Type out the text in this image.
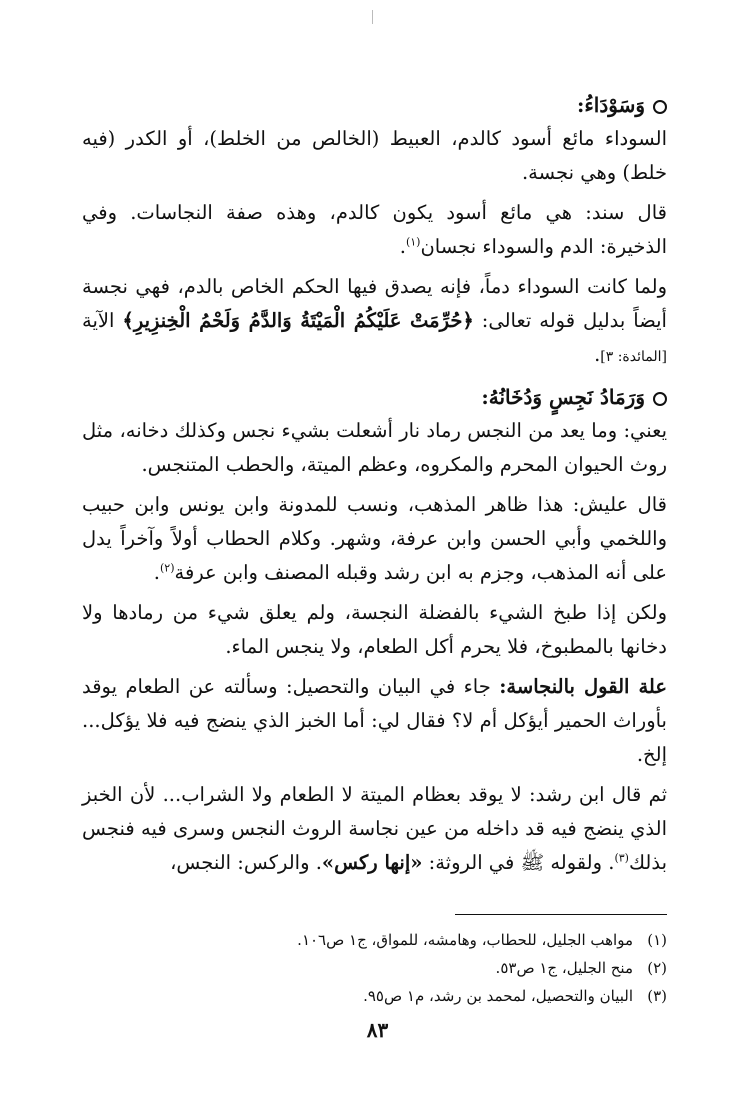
وَسَوْدَاءُ:

السوداء مائع أسود كالدم، العبيط (الخالص من الخلط)، أو الكدر (فيه خلط) وهي نجسة.

قال سند: هي مائع أسود يكون كالدم، وهذه صفة النجاسات. وفي الذخيرة: الدم والسوداء نجسان$^{(١)}$.

ولما كانت السوداء دماً، فإنه يصدق فيها الحكم الخاص بالدم، فهي نجسة أيضاً بدليل قوله تعالى: ﴿حُرِّمَتْ عَلَيْكُمُ الْمَيْتَةُ وَالدَّمُ وَلَحْمُ الْخِنزِيرِ﴾ الآية [المائدة: ٣].

وَرَمَادُ نَجِسٍ وَدُخَانُهُ:

يعني: وما يعد من النجس رماد نار أشعلت بشيء نجس وكذلك دخانه، مثل روث الحيوان المحرم والمكروه، وعظم الميتة، والحطب المتنجس.

قال عليش: هذا ظاهر المذهب، ونسب للمدونة وابن يونس وابن حبيب واللخمي وأبي الحسن وابن عرفة، وشهر. وكلام الحطاب أولاً وآخراً يدل على أنه المذهب، وجزم به ابن رشد وقبله المصنف وابن عرفة$^{(٢)}$.

ولكن إذا طبخ الشيء بالفضلة النجسة، ولم يعلق شيء من رمادها ولا دخانها بالمطبوخ، فلا يحرم أكل الطعام، ولا ينجس الماء.

علة القول بالنجاسة: جاء في البيان والتحصيل: وسألته عن الطعام يوقد بأوراث الحمير أيؤكل أم لا؟ فقال لي: أما الخبز الذي ينضج فيه فلا يؤكل... إلخ.

ثم قال ابن رشد: لا يوقد بعظام الميتة لا الطعام ولا الشراب... لأن الخبز الذي ينضج فيه قد داخله من عين نجاسة الروث النجس وسرى فيه فنجس بذلك$^{(٣)}$. ولقوله ﷺ في الروثة: «إنها ركس». والركس: النجس،

(١)
مواهب الجليل، للحطاب، وهامشه، للمواق، ج١ ص١٠٦.
(٢)
منح الجليل، ج١ ص٥٣.
(٣)
البيان والتحصيل، لمحمد بن رشد، م١ ص٩٥.
٨٣
